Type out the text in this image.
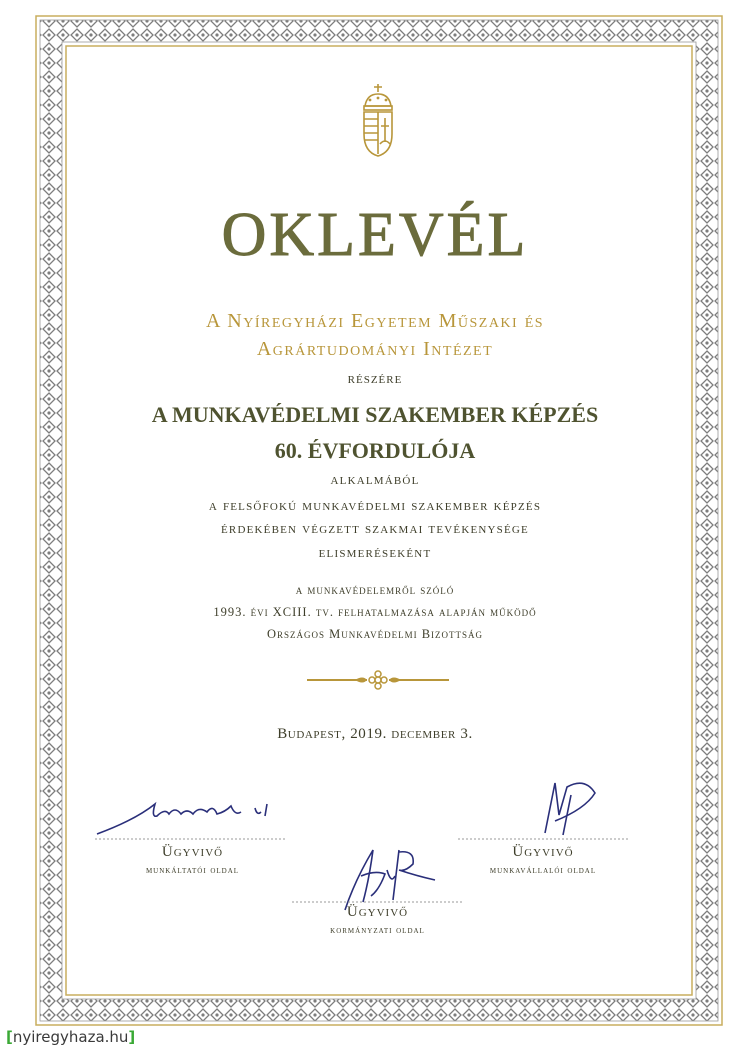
OKLEVÉL
A Nyíregyházi Egyetem Műszaki és
Agrártudományi Intézet
részére
A MUNKAVÉDELMI SZAKEMBER KÉPZÉS
60. ÉVFORDULÓJA
alkalmából
a felsőfokú munkavédelmi szakember képzés
érdekében végzett szakmai tevékenysége
elismeréseként
a munkavédelemről szóló
1993. évi XCIII. tv. felhatalmazása alapján működő
Országos Munkavédelmi Bizottság
Budapest, 2019. december 3.
Ügyvivő
munkáltatói oldal
Ügyvivő
munkavállalói oldal
Ügyvivő
kormányzati oldal
[nyiregyhaza.hu]
